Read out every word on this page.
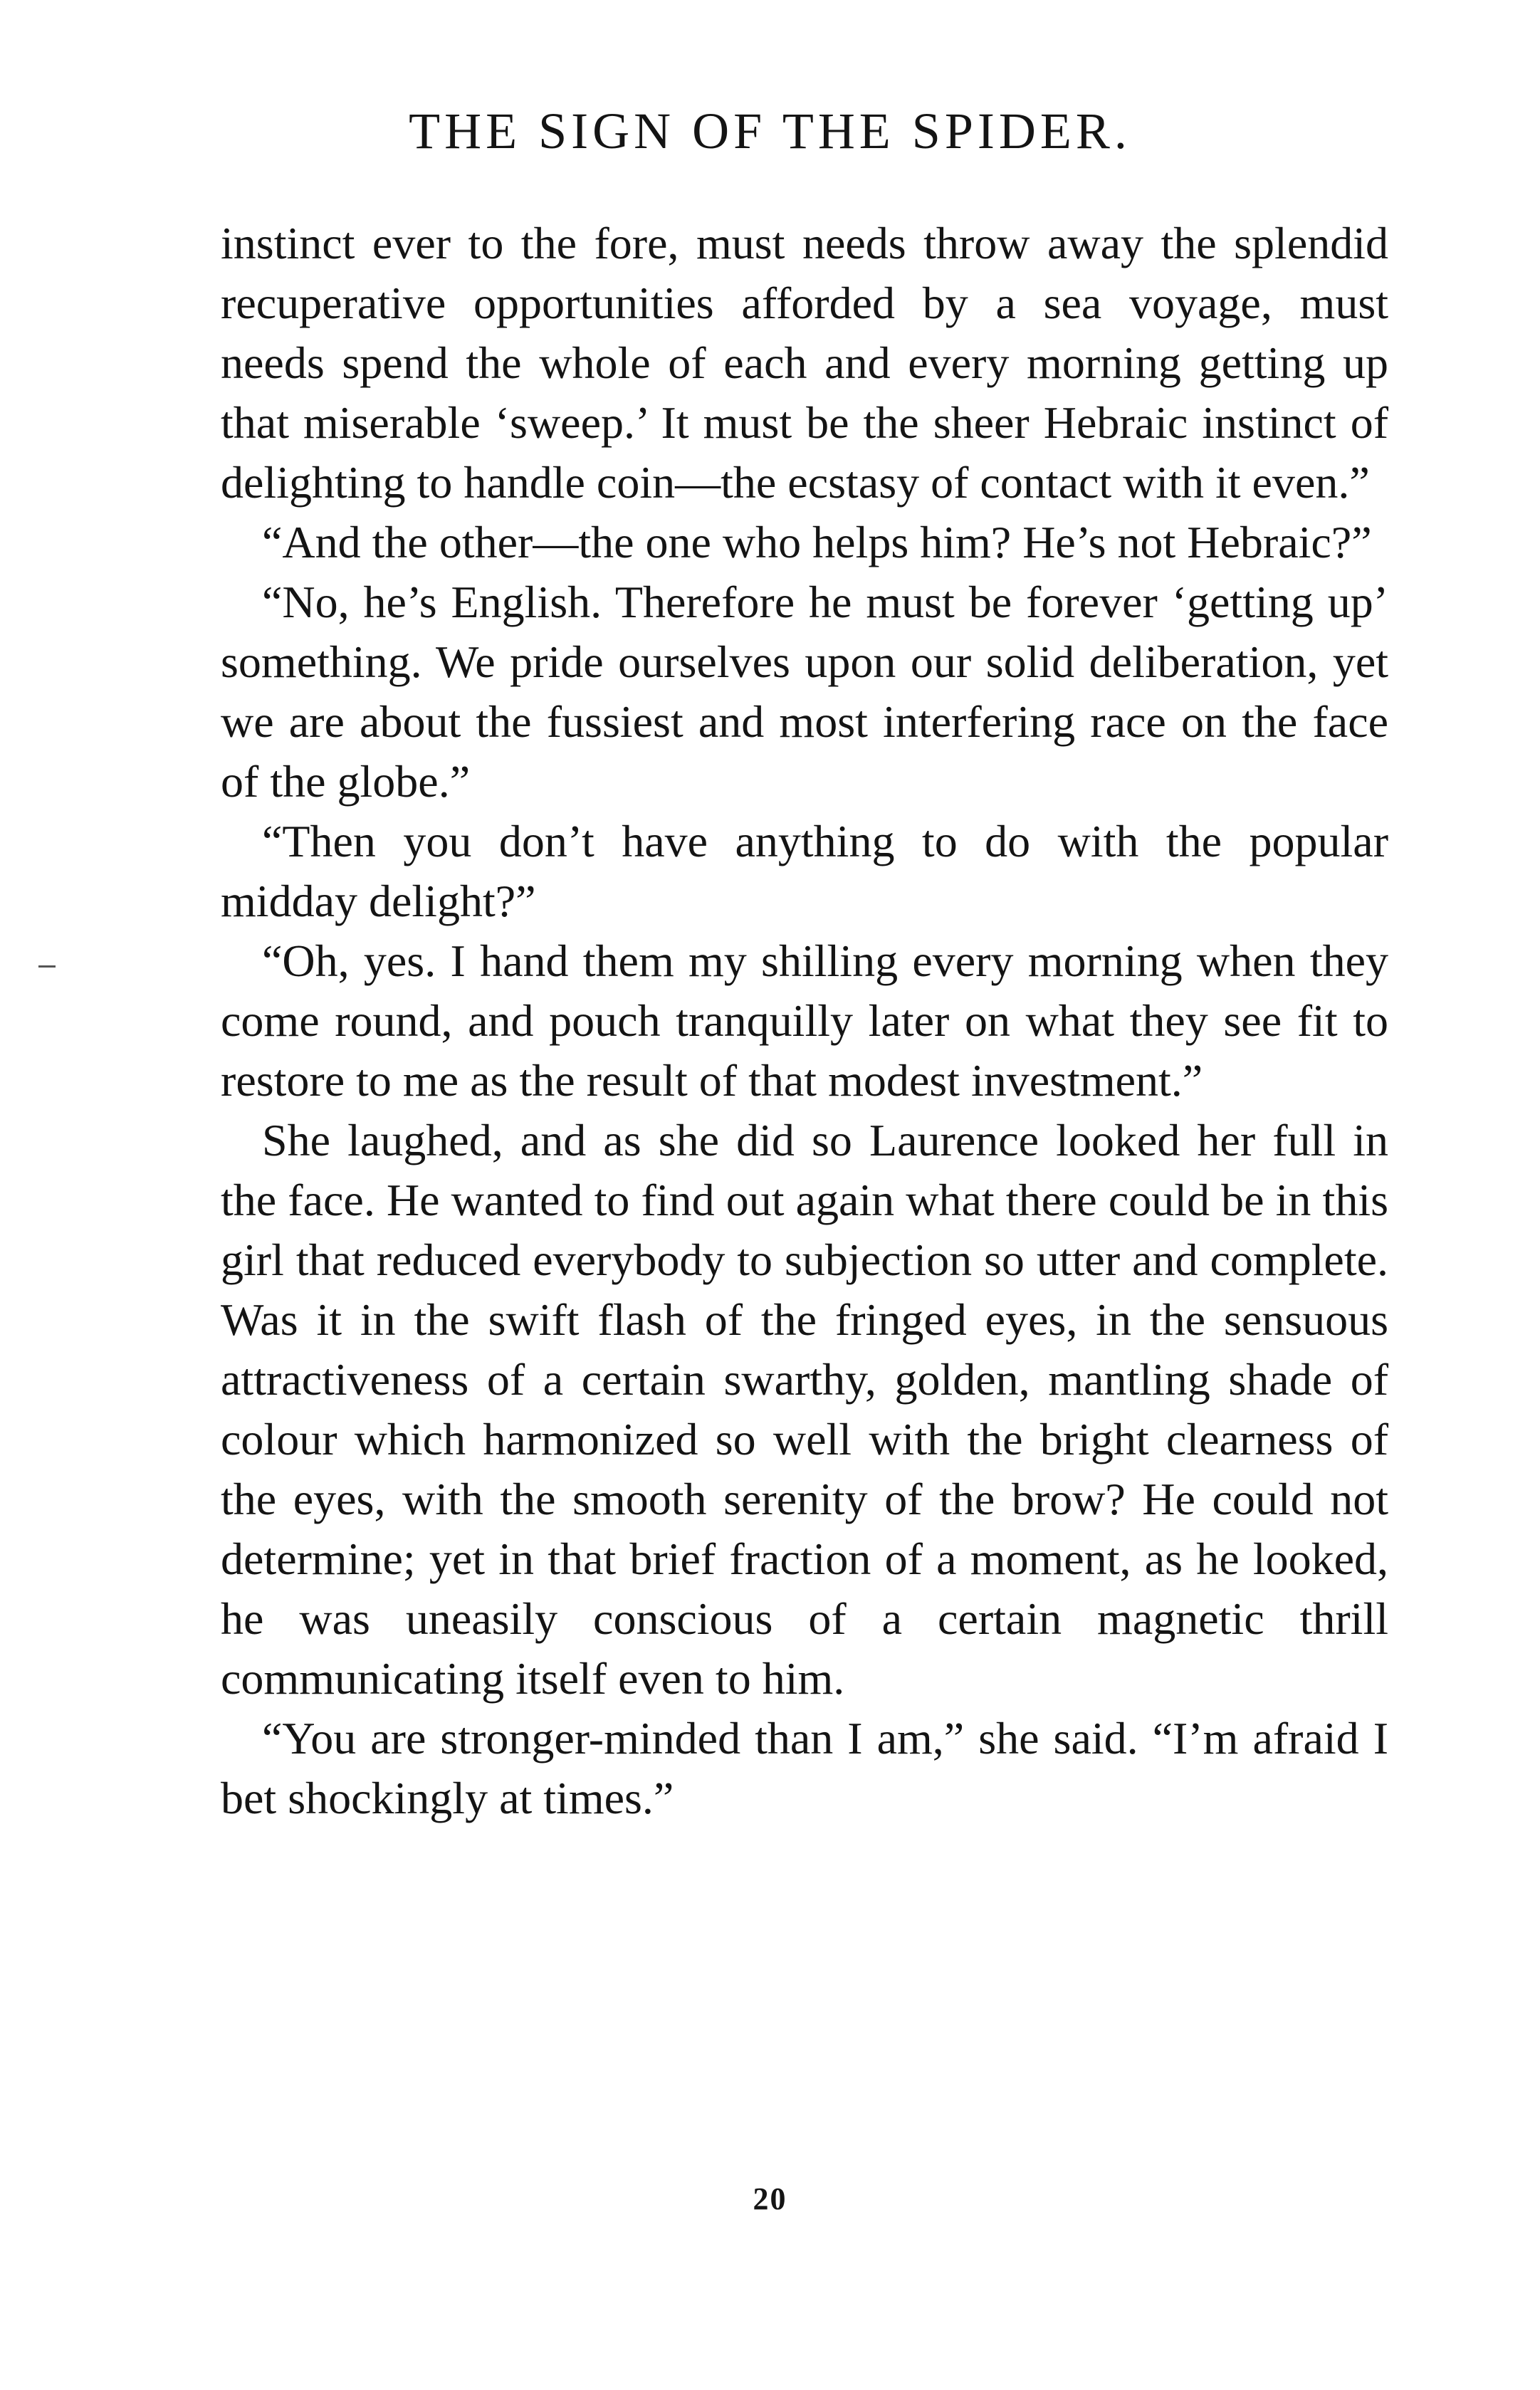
THE SIGN OF THE SPIDER.

instinct ever to the fore, must needs throw away the splendid recuperative opportunities afforded by a sea voyage, must needs spend the whole of each and every morning getting up that miserable ‘sweep.’ It must be the sheer Hebraic instinct of delighting to handle coin—the ecstasy of contact with it even.”

“And the other—the one who helps him? He’s not Hebraic?”

“No, he’s English. Therefore he must be forever ‘getting up’ something. We pride ourselves upon our solid deliberation, yet we are about the fussiest and most interfering race on the face of the globe.”

“Then you don’t have anything to do with the popular midday delight?”

“Oh, yes. I hand them my shilling every morning when they come round, and pouch tranquilly later on what they see fit to restore to me as the result of that modest investment.”

She laughed, and as she did so Laurence looked her full in the face. He wanted to find out again what there could be in this girl that reduced everybody to subjection so utter and complete. Was it in the swift flash of the fringed eyes, in the sensuous attractiveness of a certain swarthy, golden, mantling shade of colour which harmonized so well with the bright clearness of the eyes, with the smooth serenity of the brow? He could not determine; yet in that brief fraction of a moment, as he looked, he was uneasily conscious of a certain magnetic thrill communicating itself even to him.

“You are stronger-minded than I am,” she said. “I’m afraid I bet shockingly at times.”

20
